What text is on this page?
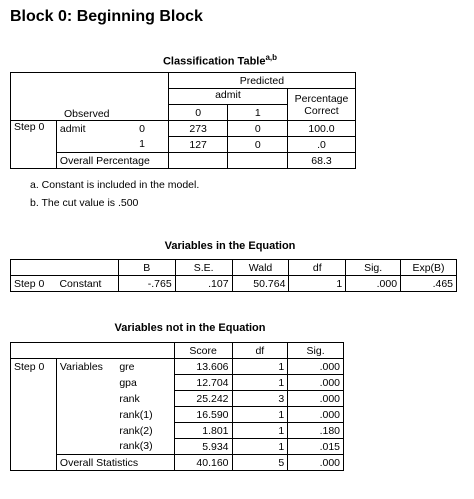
Block 0: Beginning Block
Classification Table$^{a,b}$
Observed			Predicted		
			admit		Percentage Correct
			0	1	
Step 0	admit	0	273	0	100.0
		1	127	0	.0
	Overall Percentage				68.3
a. Constant is included in the model.
b. The cut value is .500
Variables in the Equation
		B	S.E.	Wald	df	Sig.	Exp(B)
Step 0	Constant	-.765	.107	50.764	1	.000	.465
Variables not in the Equation
			Score	df	Sig.
Step 0	Variables	gre	13.606	1	.000
		gpa	12.704	1	.000
		rank	25.242	3	.000
		rank(1)	16.590	1	.000
		rank(2)	1.801	1	.180
		rank(3)	5.934	1	.015
	Overall Statistics		40.160	5	.000
